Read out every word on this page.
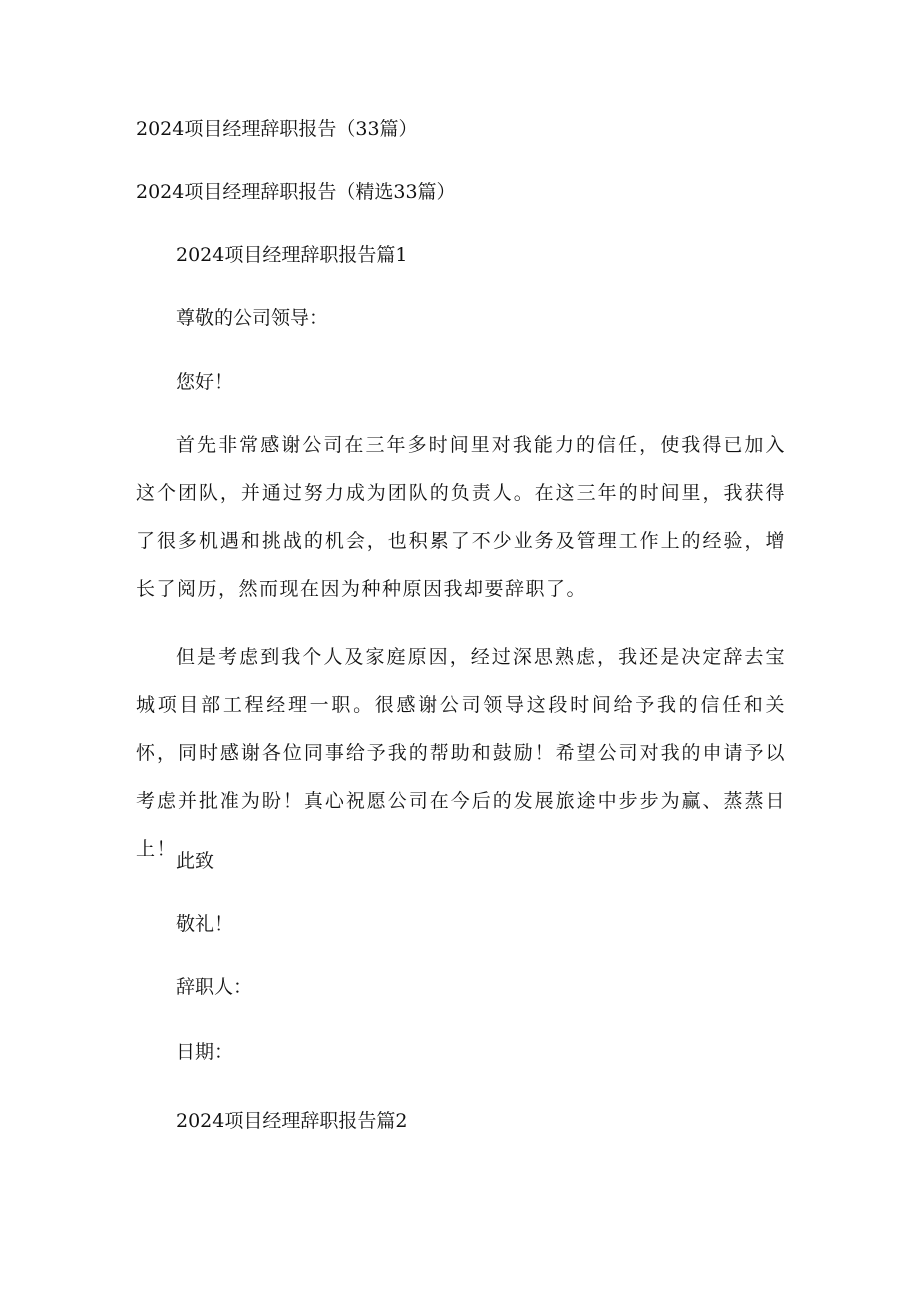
2024项目经理辞职报告（33篇）

2024项目经理辞职报告（精选33篇）

2024项目经理辞职报告篇1

尊敬的公司领导：

您好！

首先非常感谢公司在三年多时间里对我能力的信任，使我得已加入这个团队，并通过努力成为团队的负责人。在这三年的时间里，我获得了很多机遇和挑战的机会，也积累了不少业务及管理工作上的经验，增长了阅历，然而现在因为种种原因我却要辞职了。

但是考虑到我个人及家庭原因，经过深思熟虑，我还是决定辞去宝城项目部工程经理一职。很感谢公司领导这段时间给予我的信任和关怀，同时感谢各位同事给予我的帮助和鼓励！希望公司对我的申请予以考虑并批准为盼！真心祝愿公司在今后的发展旅途中步步为赢、蒸蒸日上！

此致

敬礼！

辞职人：

日期：

2024项目经理辞职报告篇2
